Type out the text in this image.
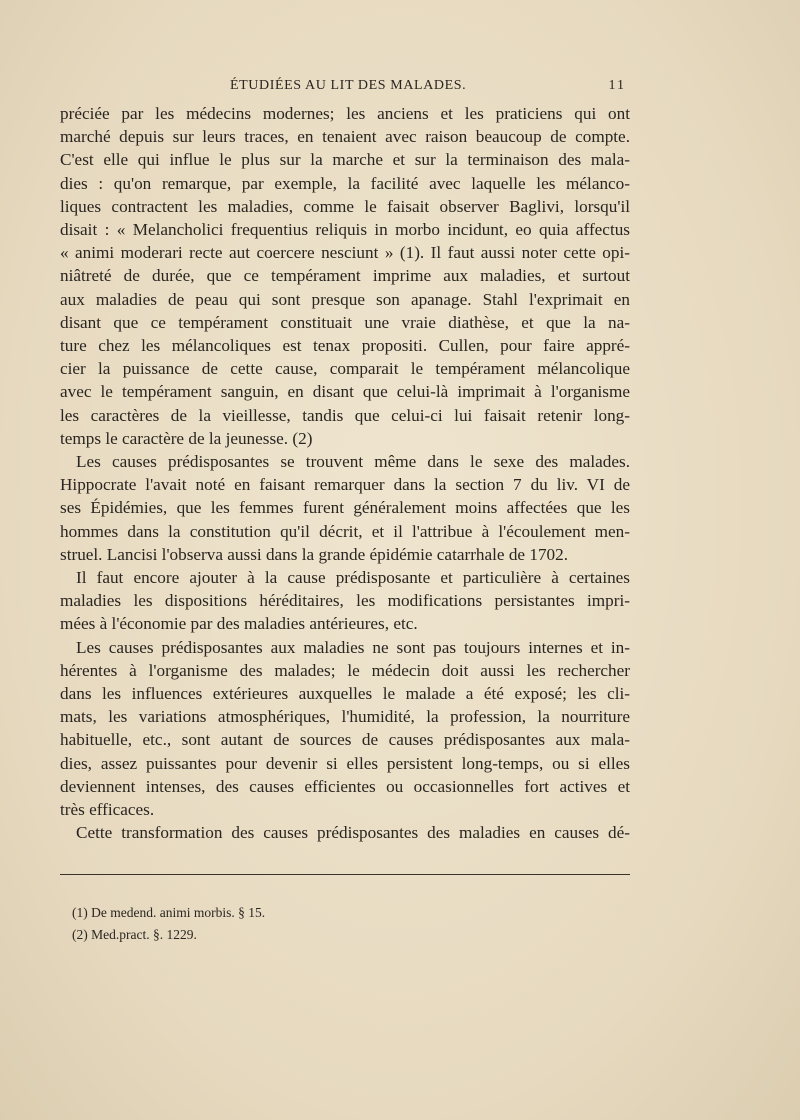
ÉTUDIÉES AU LIT DES MALADES.	11
préciée par les médecins modernes; les anciens et les praticiens qui ont
marché depuis sur leurs traces, en tenaient avec raison beaucoup de compte.
C'est elle qui influe le plus sur la marche et sur la terminaison des mala-
dies : qu'on remarque, par exemple, la facilité avec laquelle les mélanco-
liques contractent les maladies, comme le faisait observer Baglivi, lorsqu'il
disait : « Melancholici frequentius reliquis in morbo incidunt, eo quia affectus
« animi moderari recte aut coercere nesciunt » (1). Il faut aussi noter cette opi-
niâtreté de durée, que ce tempérament imprime aux maladies, et surtout
aux maladies de peau qui sont presque son apanage. Stahl l'exprimait en
disant que ce tempérament constituait une vraie diathèse, et que la na-
ture chez les mélancoliques est tenax propositi. Cullen, pour faire appré-
cier la puissance de cette cause, comparait le tempérament mélancolique
avec le tempérament sanguin, en disant que celui-là imprimait à l'organisme
les caractères de la vieillesse, tandis que celui-ci lui faisait retenir long-
temps le caractère de la jeunesse. (2)
Les causes prédisposantes se trouvent même dans le sexe des malades.
Hippocrate l'avait noté en faisant remarquer dans la section 7 du liv. VI de
ses Épidémies, que les femmes furent généralement moins affectées que les
hommes dans la constitution qu'il décrit, et il l'attribue à l'écoulement men-
struel. Lancisi l'observa aussi dans la grande épidémie catarrhale de 1702.
Il faut encore ajouter à la cause prédisposante et particulière à certaines
maladies les dispositions héréditaires, les modifications persistantes impri-
mées à l'économie par des maladies antérieures, etc.
Les causes prédisposantes aux maladies ne sont pas toujours internes et in-
hérentes à l'organisme des malades; le médecin doit aussi les rechercher
dans les influences extérieures auxquelles le malade a été exposé; les cli-
mats, les variations atmosphériques, l'humidité, la profession, la nourriture
habituelle, etc., sont autant de sources de causes prédisposantes aux mala-
dies, assez puissantes pour devenir si elles persistent long-temps, ou si elles
deviennent intenses, des causes efficientes ou occasionnelles fort actives et
très efficaces.
Cette transformation des causes prédisposantes des maladies en causes dé-
(1) De medend. animi morbis. § 15.
(2) Med.pract. §. 1229.
